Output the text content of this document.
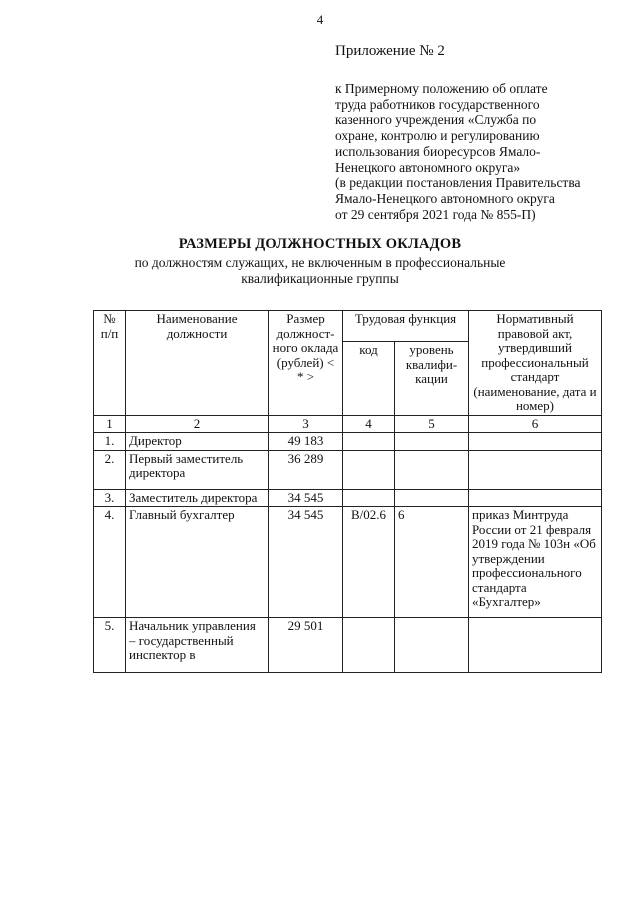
4
Приложение № 2
к Примерному положению об оплате
труда работников государственного
казенного учреждения «Служба по
охране, контролю и регулированию
использования биоресурсов Ямало-
Ненецкого автономного округа»
(в редакции постановления Правительства
Ямало-Ненецкого автономного округа
от 29 сентября 2021 года № 855-П)
РАЗМЕРЫ ДОЛЖНОСТНЫХ ОКЛАДОВ
по должностям служащих, не включенным в профессиональные
квалификационные группы
№ п/п	Наименование должности	Размер должност-ного оклада (рублей) < * >	Трудовая функция		Нормативный правовой акт, утвердивший профессиональный стандарт (наименование, дата и номер)
			код	уровень квалифи-кации	
1	2	3	4	5	6
1.	Директор	49 183			
2.	Первый заместитель директора	36 289			
3.	Заместитель директора	34 545			
4.	Главный бухгалтер	34 545	В/02.6	6	приказ Минтруда России от 21 февраля 2019 года № 103н «Об утверждении профессионального стандарта «Бухгалтер»
5.	Начальник управления – государственный инспектор в	29 501			
